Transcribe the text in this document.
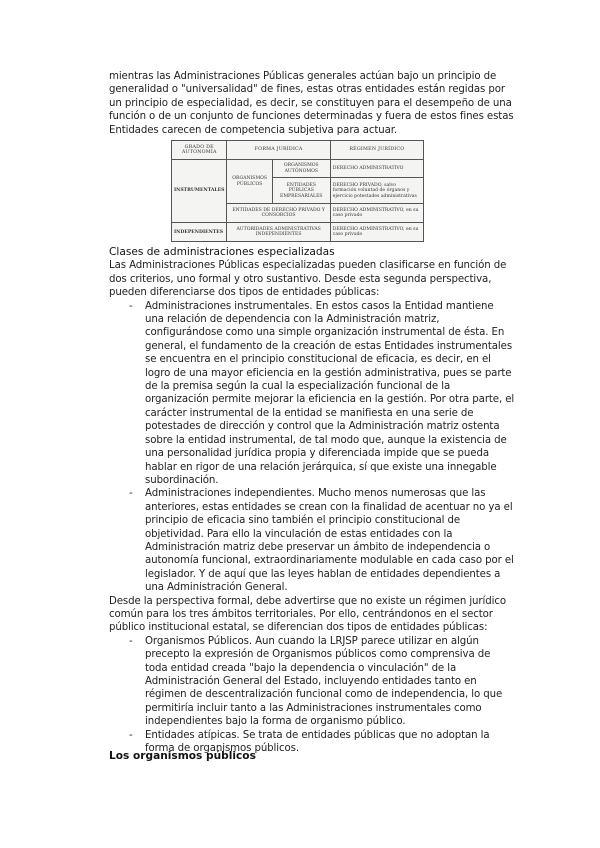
mientras las Administraciones Públicas generales actúan bajo un principio de generalidad o "universalidad" de fines, estas otras entidades están regidas por un principio de especialidad, es decir, se constituyen para el desempeño de una función o de un conjunto de funciones determinadas y fuera de estos fines estas Entidades carecen de competencia subjetiva para actuar.

GRADO DE AUTONOMÍA	FORMA JURÍDICA		RÉGIMEN JURÍDICO
INSTRUMENTALES	ORGANISMOS PÚBLICOS	ORGANISMOS AUTÓNOMOS	DERECHO ADMINISTRATIVO
		ENTIDADES PÚBLICAS EMPRESARIALES	DERECHO PRIVADO, salvo formación voluntad de órganos y ejercicio potestades administrativas
	ENTIDADES DE DERECHO PRIVADO Y CONSORCIOS		DERECHO ADMINISTRATIVO, en su caso privado
INDEPENDIENTES	AUTORIDADES ADMINISTRATIVAS INDEPENDIENTES		DERECHO ADMINISTRATIVO, en su caso privado

Clases de administraciones especializadas

Las Administraciones Públicas especializadas pueden clasificarse en función de dos criterios, uno formal y otro sustantivo. Desde esta segunda perspectiva, pueden diferenciarse dos tipos de entidades públicas:

- Administraciones instrumentales. En estos casos la Entidad mantiene una relación de dependencia con la Administración matriz, configurándose como una simple organización instrumental de ésta. En general, el fundamento de la creación de estas Entidades instrumentales se encuentra en el principio constitucional de eficacia, es decir, en el logro de una mayor eficiencia en la gestión administrativa, pues se parte de la premisa según la cual la especialización funcional de la organización permite mejorar la eficiencia en la gestión. Por otra parte, el carácter instrumental de la entidad se manifiesta en una serie de potestades de dirección y control que la Administración matriz ostenta sobre la entidad instrumental, de tal modo que, aunque la existencia de una personalidad jurídica propia y diferenciada impide que se pueda hablar en rigor de una relación jerárquica, sí que existe una innegable subordinación.
- Administraciones independientes. Mucho menos numerosas que las anteriores, estas entidades se crean con la finalidad de acentuar no ya el principio de eficacia sino también el principio constitucional de objetividad. Para ello la vinculación de estas entidades con la Administración matriz debe preservar un ámbito de independencia o autonomía funcional, extraordinariamente modulable en cada caso por el legislador. Y de aquí que las leyes hablan de entidades dependientes a una Administración General.

Desde la perspectiva formal, debe advertirse que no existe un régimen jurídico común para los tres ámbitos territoriales. Por ello, centrándonos en el sector público institucional estatal, se diferencian dos tipos de entidades públicas:

- Organismos Públicos. Aun cuando la LRJSP parece utilizar en algún precepto la expresión de Organismos públicos como comprensiva de toda entidad creada "bajo la dependencia o vinculación" de la Administración General del Estado, incluyendo entidades tanto en régimen de descentralización funcional como de independencia, lo que permitiría incluir tanto a las Administraciones instrumentales como independientes bajo la forma de organismo público.
- Entidades atípicas. Se trata de entidades públicas que no adoptan la forma de organismos públicos.

Los organismos públicos
